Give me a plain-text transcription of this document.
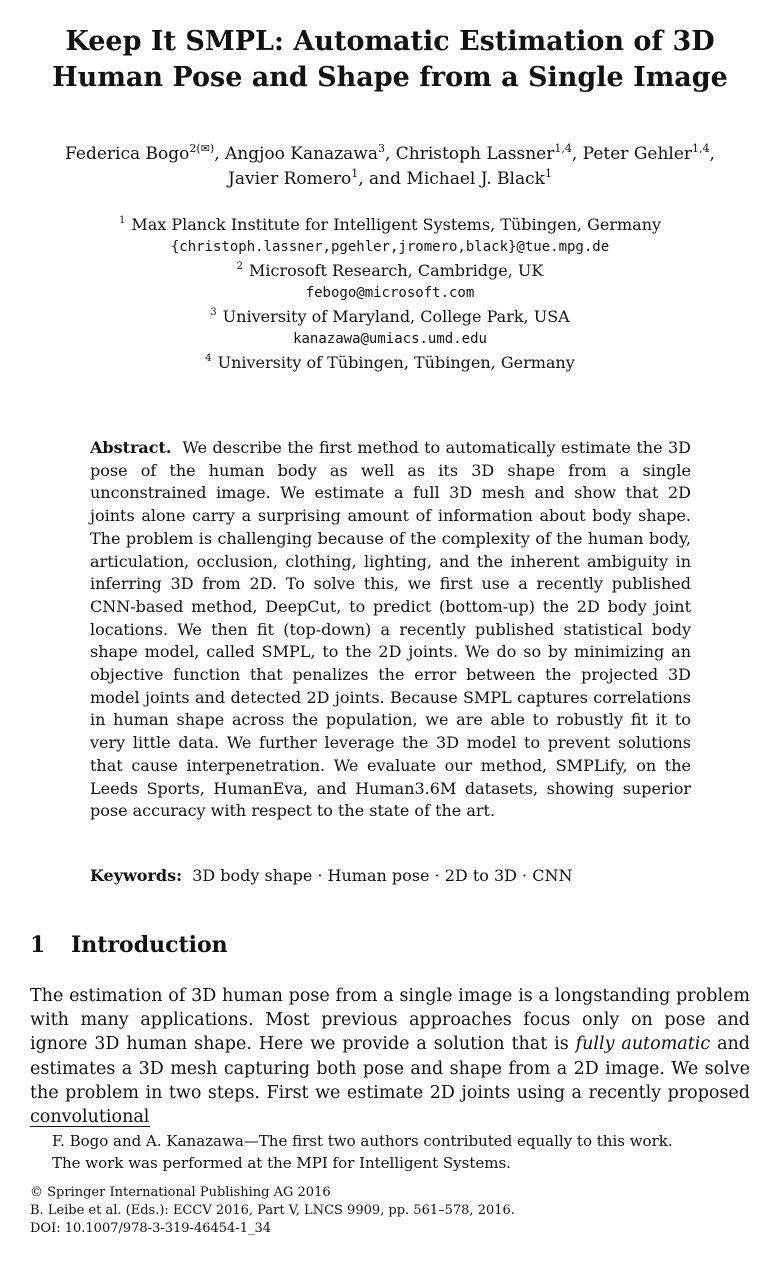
Keep It SMPL: Automatic Estimation of 3D
Human Pose and Shape from a Single Image
Federica Bogo$^{2(✉)}$, Angjoo Kanazawa$^3$, Christoph Lassner$^{1,4}$, Peter Gehler$^{1,4}$,
Javier Romero$^1$, and Michael J. Black$^1$
$^1$ Max Planck Institute for Intelligent Systems, Tübingen, Germany
{christoph.lassner,pgehler,jromero,black}@tue.mpg.de
$^2$ Microsoft Research, Cambridge, UK
febogo@microsoft.com
$^3$ University of Maryland, College Park, USA
kanazawa@umiacs.umd.edu
$^4$ University of Tübingen, Tübingen, Germany

Abstract. We describe the first method to automatically estimate the 3D pose of the human body as well as its 3D shape from a single unconstrained image. We estimate a full 3D mesh and show that 2D joints alone carry a surprising amount of information about body shape. The problem is challenging because of the complexity of the human body, articulation, occlusion, clothing, lighting, and the inherent ambiguity in inferring 3D from 2D. To solve this, we first use a recently published CNN-based method, DeepCut, to predict (bottom-up) the 2D body joint locations. We then fit (top-down) a recently published statistical body shape model, called SMPL, to the 2D joints. We do so by minimizing an objective function that penalizes the error between the projected 3D model joints and detected 2D joints. Because SMPL captures correlations in human shape across the population, we are able to robustly fit it to very little data. We further leverage the 3D model to prevent solutions that cause interpenetration. We evaluate our method, SMPLify, on the Leeds Sports, HumanEva, and Human3.6M datasets, showing superior pose accuracy with respect to the state of the art.

Keywords: 3D body shape · Human pose · 2D to 3D · CNN
1 Introduction

The estimation of 3D human pose from a single image is a longstanding problem with many applications. Most previous approaches focus only on pose and ignore 3D human shape. Here we provide a solution that is fully automatic and estimates a 3D mesh capturing both pose and shape from a 2D image. We solve the problem in two steps. First we estimate 2D joints using a recently proposed convolutional

F. Bogo and A. Kanazawa—The first two authors contributed equally to this work.

The work was performed at the MPI for Intelligent Systems.

© Springer International Publishing AG 2016
B. Leibe et al. (Eds.): ECCV 2016, Part V, LNCS 9909, pp. 561–578, 2016.
DOI: 10.1007/978-3-319-46454-1_34
